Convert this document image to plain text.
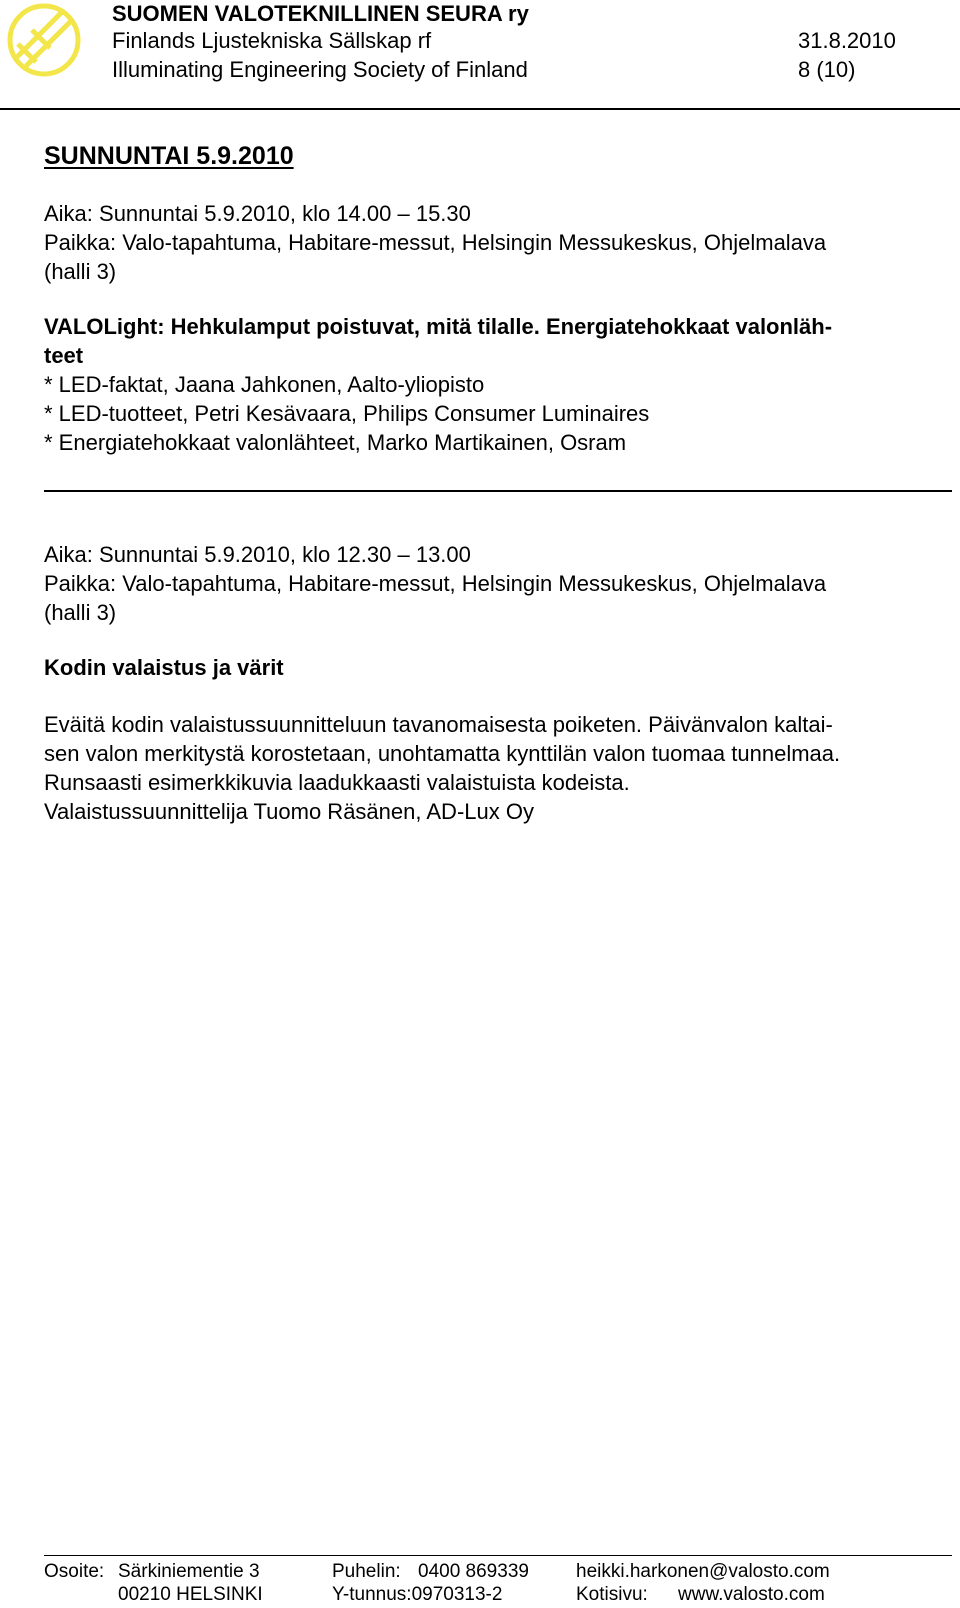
SUOMEN VALOTEKNILLINEN SEURA ry
Finlands Ljustekniska Sällskap rf
Illuminating Engineering Society of Finland
31.8.2010
8 (10)
SUNNUNTAI 5.9.2010
Aika: Sunnuntai 5.9.2010, klo 14.00 – 15.30
Paikka: Valo-tapahtuma, Habitare-messut, Helsingin Messukeskus, Ohjelmalava
(halli 3)
VALOLight: Hehkulamput poistuvat, mitä tilalle. Energiatehokkaat valonläh-
teet
* LED-faktat, Jaana Jahkonen, Aalto-yliopisto
* LED-tuotteet, Petri Kesävaara, Philips Consumer Luminaires
* Energiatehokkaat valonlähteet, Marko Martikainen, Osram
Aika: Sunnuntai 5.9.2010, klo 12.30 – 13.00
Paikka: Valo-tapahtuma, Habitare-messut, Helsingin Messukeskus, Ohjelmalava
(halli 3)
Kodin valaistus ja värit
Eväitä kodin valaistussuunnitteluun tavanomaisesta poiketen. Päivänvalon kaltai-
sen valon merkitystä korostetaan, unohtamatta kynttilän valon tuomaa tunnelmaa.
Runsaasti esimerkkikuvia laadukkaasti valaistuista kodeista.
Valaistussuunnittelija Tuomo Räsänen, AD-Lux Oy
Osoite: Särkiniementie 3
00210 HELSINKI
Puhelin: 0400 869339
Y-tunnus:0970313-2
heikki.harkonen@valosto.com
Kotisivu: www.valosto.com
